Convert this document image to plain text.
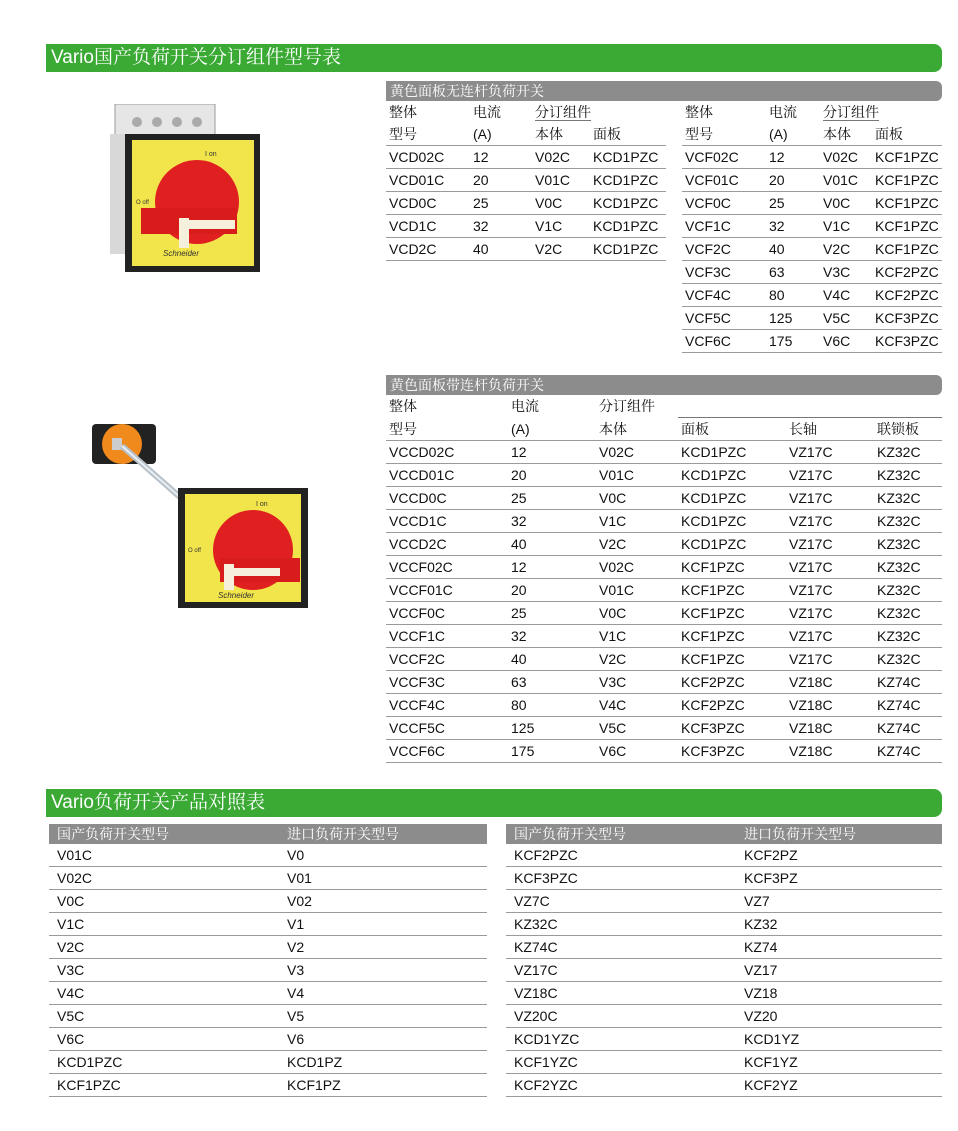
Vario国产负荷开关分订组件型号表
I on
O off
Schneider
黄色面板无连杆负荷开关
整体	电流	分订组件	
型号	(A)	本体	面板
VCD02C	12	V02C	KCD1PZC
VCD01C	20	V01C	KCD1PZC
VCD0C	25	V0C	KCD1PZC
VCD1C	32	V1C	KCD1PZC
VCD2C	40	V2C	KCD1PZC
整体	电流	分订组件	
型号	(A)	本体	面板
VCF02C	12	V02C	KCF1PZC
VCF01C	20	V01C	KCF1PZC
VCF0C	25	V0C	KCF1PZC
VCF1C	32	V1C	KCF1PZC
VCF2C	40	V2C	KCF1PZC
VCF3C	63	V3C	KCF2PZC
VCF4C	80	V4C	KCF2PZC
VCF5C	125	V5C	KCF3PZC
VCF6C	175	V6C	KCF3PZC
I on
O off
Schneider
黄色面板带连杆负荷开关
整体	电流	分订组件			
型号	(A)	本体	面板	长轴	联锁板
VCCD02C	12	V02C	KCD1PZC	VZ17C	KZ32C
VCCD01C	20	V01C	KCD1PZC	VZ17C	KZ32C
VCCD0C	25	V0C	KCD1PZC	VZ17C	KZ32C
VCCD1C	32	V1C	KCD1PZC	VZ17C	KZ32C
VCCD2C	40	V2C	KCD1PZC	VZ17C	KZ32C
VCCF02C	12	V02C	KCF1PZC	VZ17C	KZ32C
VCCF01C	20	V01C	KCF1PZC	VZ17C	KZ32C
VCCF0C	25	V0C	KCF1PZC	VZ17C	KZ32C
VCCF1C	32	V1C	KCF1PZC	VZ17C	KZ32C
VCCF2C	40	V2C	KCF1PZC	VZ17C	KZ32C
VCCF3C	63	V3C	KCF2PZC	VZ18C	KZ74C
VCCF4C	80	V4C	KCF2PZC	VZ18C	KZ74C
VCCF5C	125	V5C	KCF3PZC	VZ18C	KZ74C
VCCF6C	175	V6C	KCF3PZC	VZ18C	KZ74C
Vario负荷开关产品对照表
国产负荷开关型号	进口负荷开关型号
V01C	V0
V02C	V01
V0C	V02
V1C	V1
V2C	V2
V3C	V3
V4C	V4
V5C	V5
V6C	V6
KCD1PZC	KCD1PZ
KCF1PZC	KCF1PZ
国产负荷开关型号	进口负荷开关型号
KCF2PZC	KCF2PZ
KCF3PZC	KCF3PZ
VZ7C	VZ7
KZ32C	KZ32
KZ74C	KZ74
VZ17C	VZ17
VZ18C	VZ18
VZ20C	VZ20
KCD1YZC	KCD1YZ
KCF1YZC	KCF1YZ
KCF2YZC	KCF2YZ
